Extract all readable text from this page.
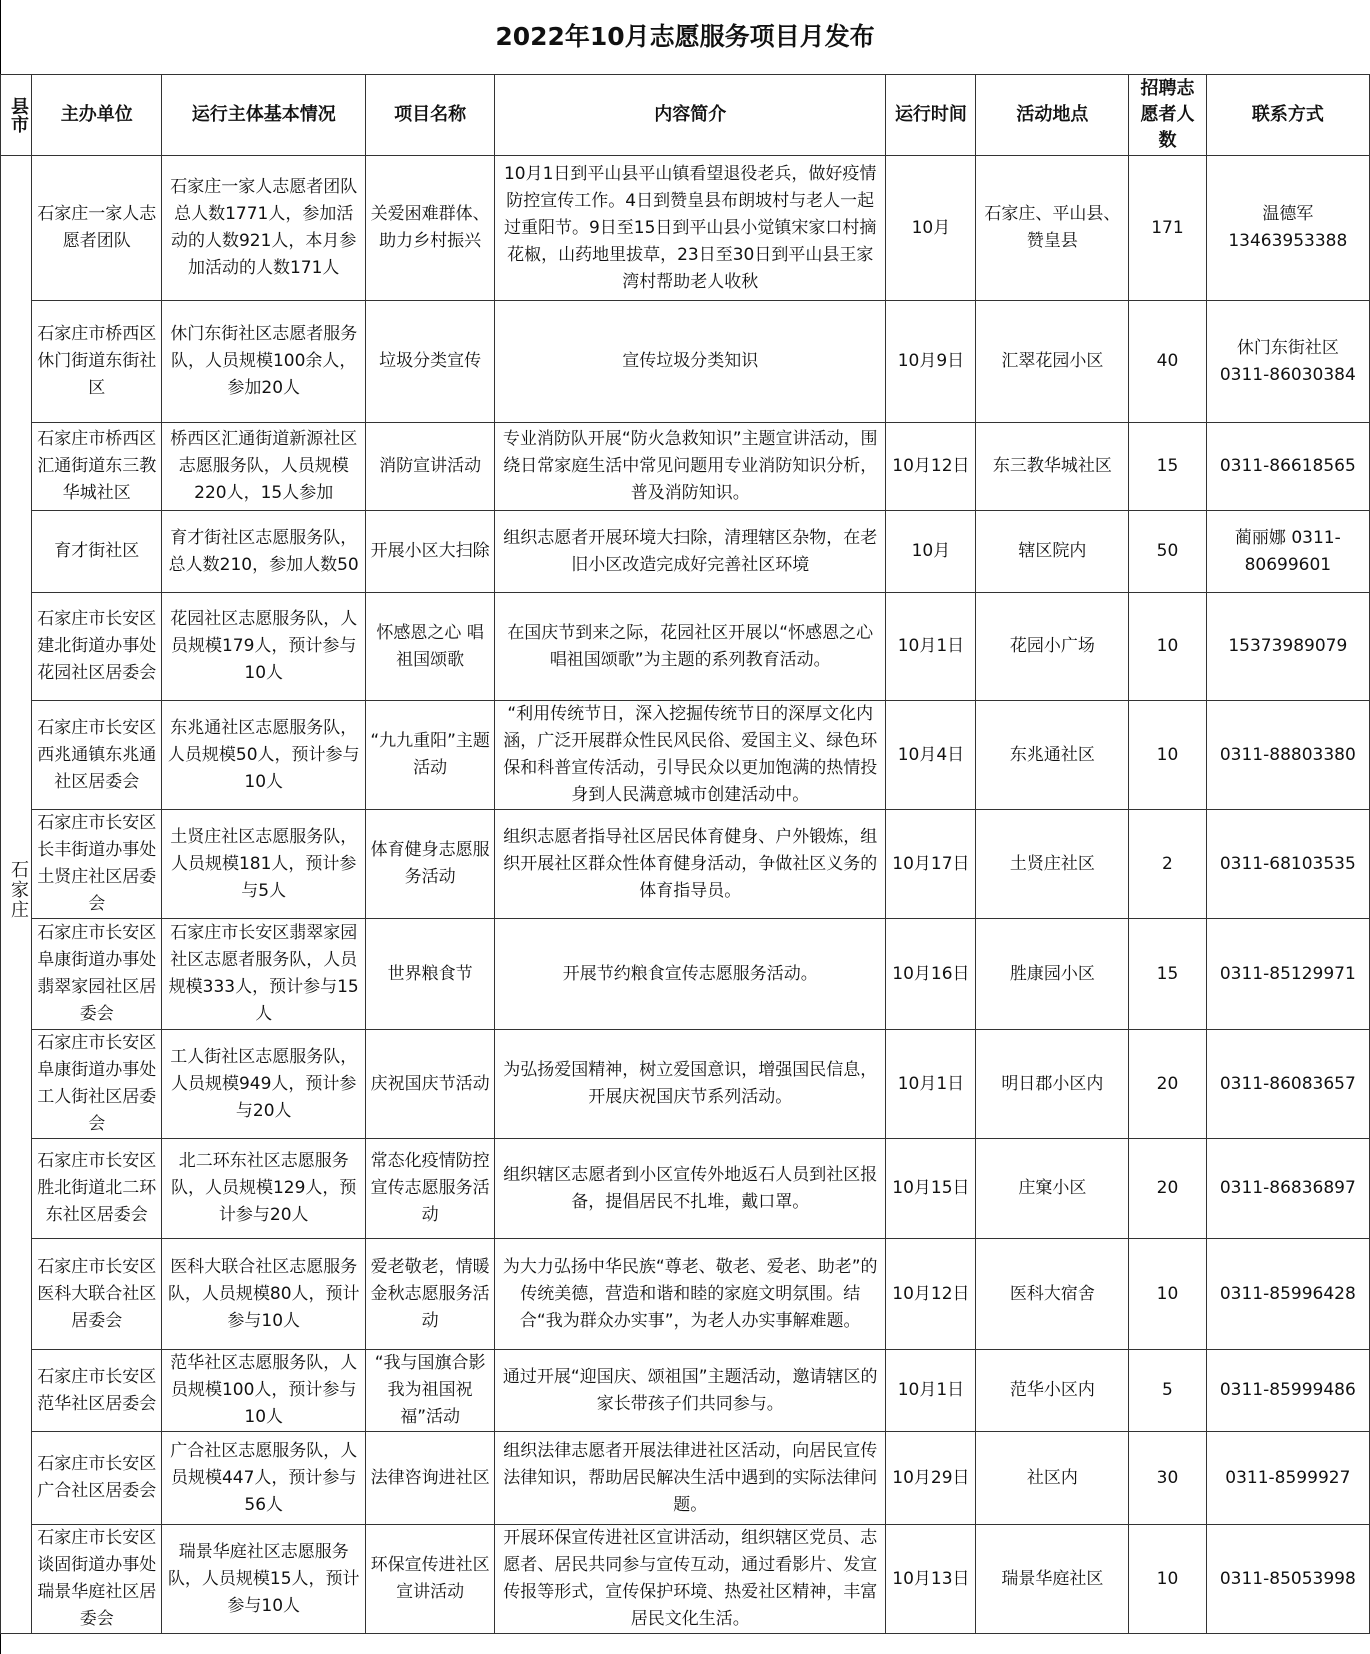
2022年10月志愿服务项目月发布
县市	主办单位	运行主体基本情况	项目名称	内容简介	运行时间	活动地点	招聘志愿者人数	联系方式
石家庄	石家庄一家人志愿者团队	石家庄一家人志愿者团队总人数1771人，参加活动的人数921人，本月参加活动的人数171人	关爱困难群体、助力乡村振兴	10月1日到平山县平山镇看望退役老兵，做好疫情防控宣传工作。4日到赞皇县布朗坡村与老人一起过重阳节。9日至15日到平山县小觉镇宋家口村摘花椒，山药地里拔草，23日至30日到平山县王家湾村帮助老人收秋	10月	石家庄、平山县、赞皇县	171	温德军 13463953388
	石家庄市桥西区 休门街道东街社区	休门东街社区志愿者服务队，人员规模100余人，参加20人	垃圾分类宣传	宣传垃圾分类知识	10月9日	汇翠花园小区	40	休门东街社区 0311-86030384
	石家庄市桥西区汇通街道东三教华城社区	桥西区汇通街道新源社区志愿服务队，人员规模220人，15人参加	消防宣讲活动	专业消防队开展“防火急救知识”主题宣讲活动，围绕日常家庭生活中常见问题用专业消防知识分析，普及消防知识。	10月12日	东三教华城社区	15	0311-86618565
	育才街社区	育才街社区志愿服务队，总人数210，参加人数50	开展小区大扫除	组织志愿者开展环境大扫除，清理辖区杂物，在老旧小区改造完成好完善社区环境	10月	辖区院内	50	蔺丽娜 0311-80699601
	石家庄市长安区建北街道办事处花园社区居委会	花园社区志愿服务队，人员规模179人，预计参与10人	怀感恩之心 唱祖国颂歌	在国庆节到来之际，花园社区开展以“怀感恩之心 唱祖国颂歌”为主题的系列教育活动。	10月1日	花园小广场	10	15373989079
	石家庄市长安区西兆通镇东兆通社区居委会	东兆通社区志愿服务队，人员规模50人，预计参与10人	“九九重阳”主题活动	“利用传统节日，深入挖掘传统节日的深厚文化内涵，广泛开展群众性民风民俗、爱国主义、绿色环保和科普宣传活动，引导民众以更加饱满的热情投身到人民满意城市创建活动中。	10月4日	东兆通社区	10	0311-88803380
	石家庄市长安区长丰街道办事处土贤庄社区居委会	土贤庄社区志愿服务队，人员规模181人，预计参与5人	体育健身志愿服务活动	组织志愿者指导社区居民体育健身、户外锻炼，组织开展社区群众性体育健身活动，争做社区义务的体育指导员。	10月17日	土贤庄社区	2	0311-68103535
	石家庄市长安区阜康街道办事处翡翠家园社区居委会	石家庄市长安区翡翠家园社区志愿者服务队，人员规模333人，预计参与15人	世界粮食节	开展节约粮食宣传志愿服务活动。	10月16日	胜康园小区	15	0311-85129971
	石家庄市长安区阜康街道办事处工人街社区居委会	工人街社区志愿服务队，人员规模949人，预计参与20人	庆祝国庆节活动	为弘扬爱国精神，树立爱国意识，增强国民信息，开展庆祝国庆节系列活动。	10月1日	明日郡小区内	20	0311-86083657
	石家庄市长安区胜北街道北二环东社区居委会	北二环东社区志愿服务队，人员规模129人，预计参与20人	常态化疫情防控宣传志愿服务活动	组织辖区志愿者到小区宣传外地返石人员到社区报备，提倡居民不扎堆，戴口罩。	10月15日	庄窠小区	20	0311-86836897
	石家庄市长安区医科大联合社区居委会	医科大联合社区志愿服务队，人员规模80人，预计参与10人	爱老敬老，情暖金秋志愿服务活动	为大力弘扬中华民族“尊老、敬老、爱老、助老”的传统美德，营造和谐和睦的家庭文明氛围。结合“我为群众办实事”，为老人办实事解难题。	10月12日	医科大宿舍	10	0311-85996428
	石家庄市长安区范华社区居委会	范华社区志愿服务队，人员规模100人，预计参与10人	“我与国旗合影 我为祖国祝福”活动	通过开展“迎国庆、颂祖国”主题活动，邀请辖区的家长带孩子们共同参与。	10月1日	范华小区内	5	0311-85999486
	石家庄市长安区广合社区居委会	广合社区志愿服务队，人员规模447人，预计参与56人	法律咨询进社区	组织法律志愿者开展法律进社区活动，向居民宣传法律知识，帮助居民解决生活中遇到的实际法律问题。	10月29日	社区内	30	0311-8599927
	石家庄市长安区谈固街道办事处瑞景华庭社区居委会	瑞景华庭社区志愿服务队，人员规模15人，预计参与10人	环保宣传进社区宣讲活动	开展环保宣传进社区宣讲活动，组织辖区党员、志愿者、居民共同参与宣传互动，通过看影片、发宣传报等形式，宣传保护环境、热爱社区精神，丰富居民文化生活。	10月13日	瑞景华庭社区	10	0311-85053998
